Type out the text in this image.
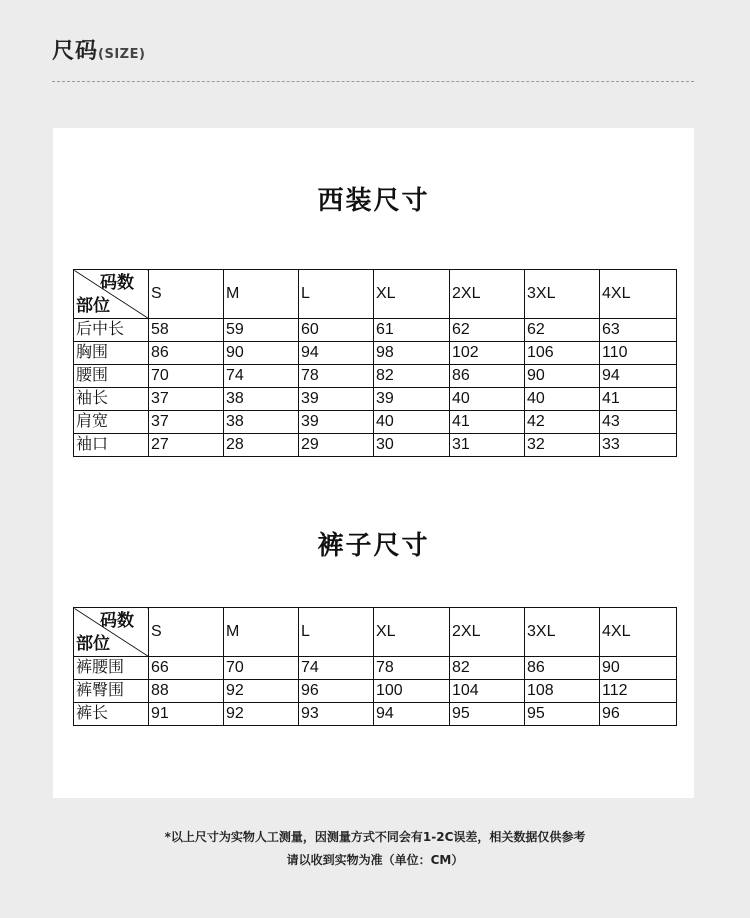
尺码(SIZE)
西装尺寸
码数
部位	S	M	L	XL	2XL	3XL	4XL
后中长	58	59	60	61	62	62	63
胸围	86	90	94	98	102	106	110
腰围	70	74	78	82	86	90	94
袖长	37	38	39	39	40	40	41
肩宽	37	38	39	40	41	42	43
袖口	27	28	29	30	31	32	33
裤子尺寸
码数
部位	S	M	L	XL	2XL	3XL	4XL
裤腰围	66	70	74	78	82	86	90
裤臀围	88	92	96	100	104	108	112
裤长	91	92	93	94	95	95	96
*以上尺寸为实物人工测量，因测量方式不同会有1-2C误差，相关数据仅供参考
请以收到实物为准（单位：CM）
